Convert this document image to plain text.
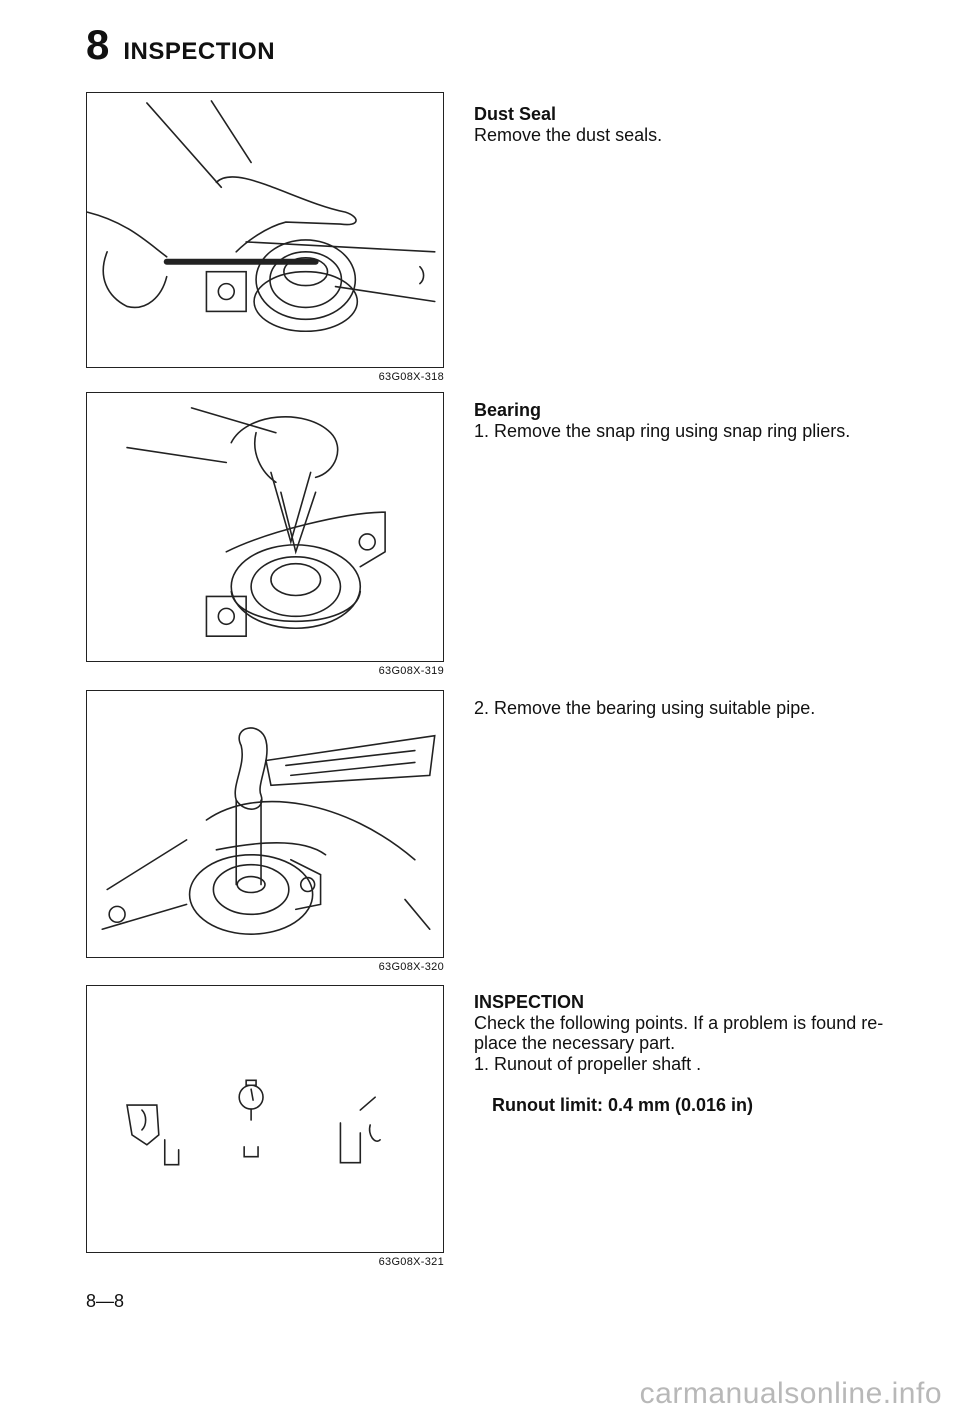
8 INSPECTION
63G08X-318
63G08X-319
63G08X-320
63G08X-321
Dust Seal

Remove the dust seals.

Bearing

1. Remove the snap ring using snap ring pliers.

2. Remove the bearing using suitable pipe.

INSPECTION

Check the following points. If a problem is found re-place the necessary part.

1. Runout of propeller shaft .

Runout limit: 0.4 mm (0.016 in)
8—8
carmanualsonline.info
